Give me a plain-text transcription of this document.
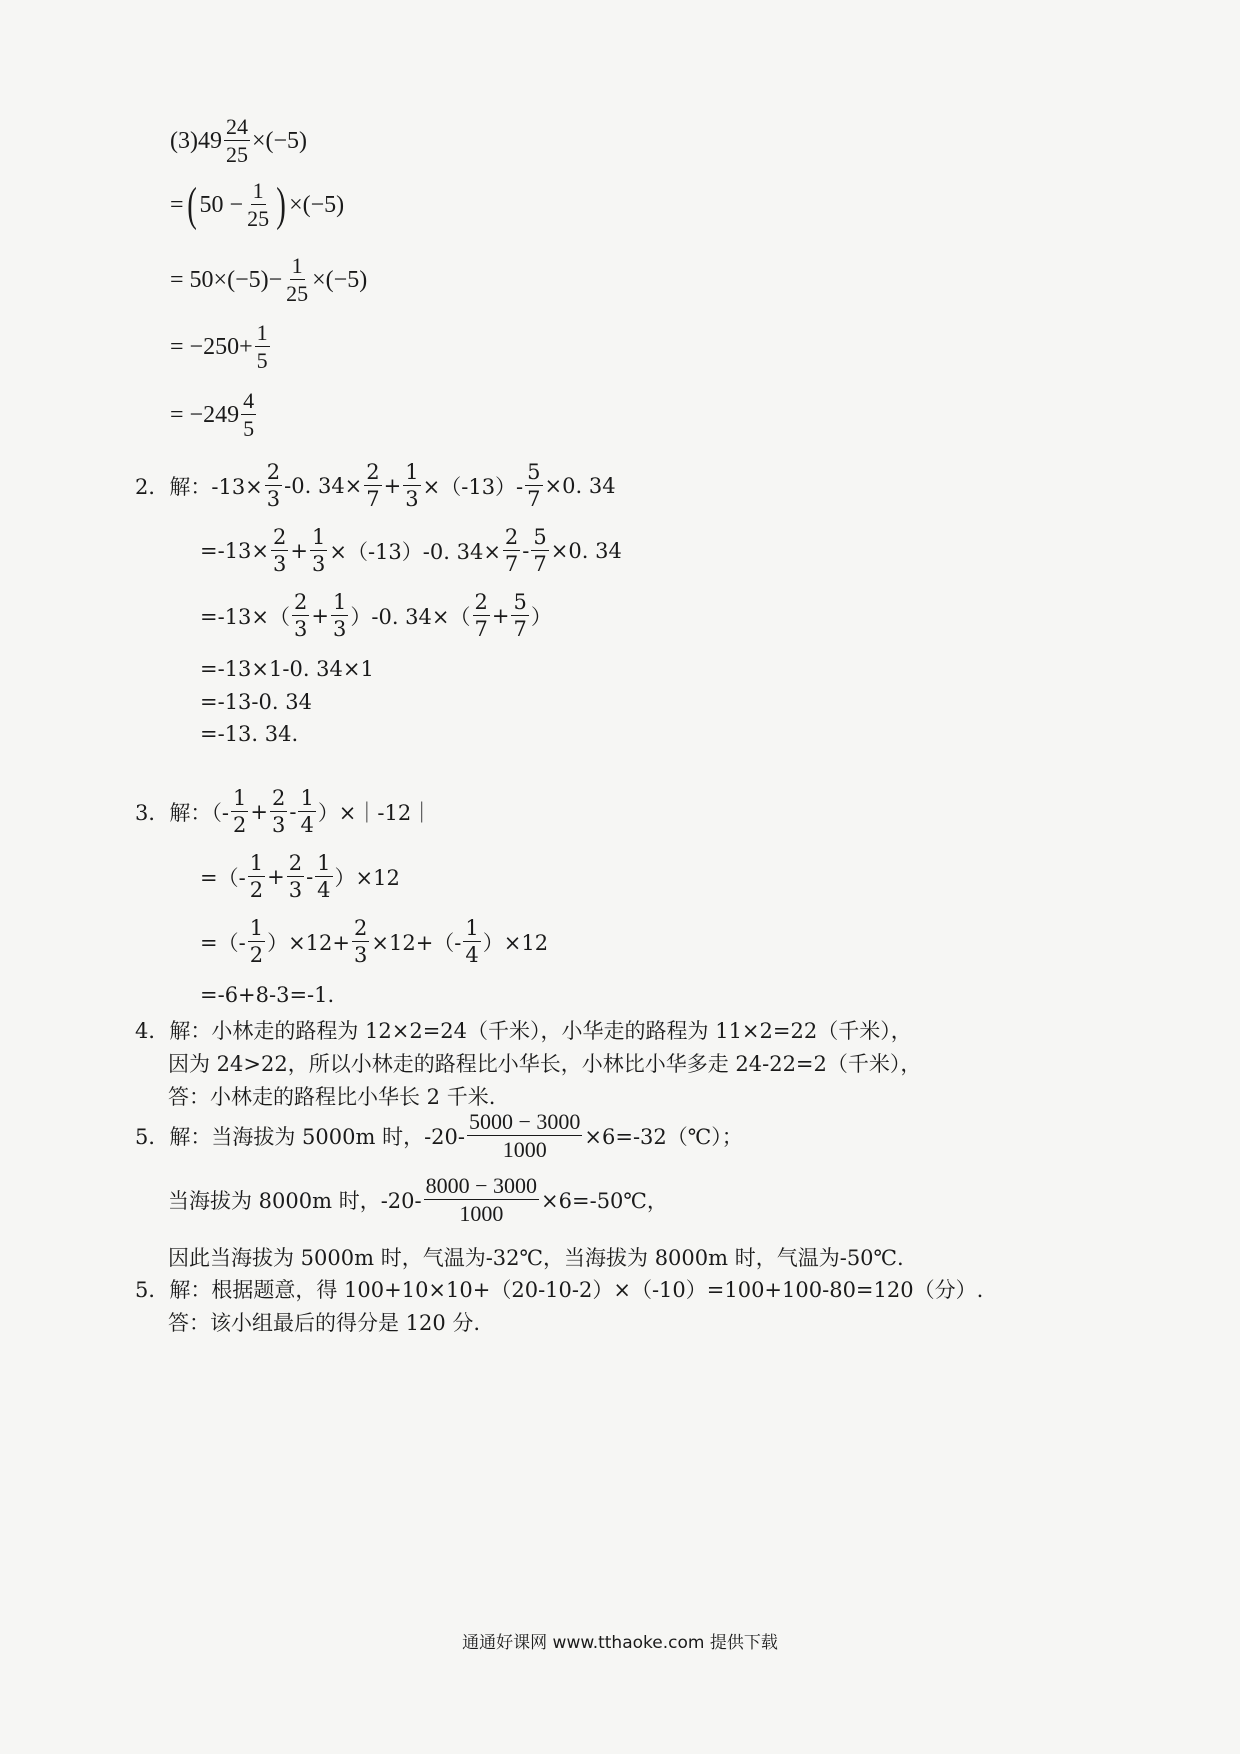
$(3)49 \frac{24}{25} \times(-5)$
= ( $50 - \frac{1}{25}$ ) ×(−5)
= $50\times(-5)- \frac{1}{25} \times(-5)$
= $-250+ \frac{1}{5}$
= $-249 \frac{4}{5}$
2．解：$-13\times \frac{2}{3} -0$. $34\times \frac{2}{7} + \frac{1}{3} \times(-13)- \frac{5}{7} \times 0$. 34
$=-13\times \frac{2}{3} + \frac{1}{3} \times(-13)-0$. $34\times \frac{2}{7} - \frac{5}{7} \times 0$. 34
$=-13\times( \frac{2}{3} + \frac{1}{3} )-0$. $34\times( \frac{2}{7} + \frac{5}{7}$ ）
=-13×1-0. 34×1
=-13-0. 34
=-13. 34.
3．解：（- $\frac{1}{2} + \frac{2}{3} - \frac{1}{4}$ ）×｜-12｜
=（- $\frac{1}{2} + \frac{2}{3} - \frac{1}{4} )\times 12$
=（- $\frac{1}{2} )\times 12+ \frac{2}{3} \times 12+(- \frac{1}{4} )\times 12$
=-6+8-3=-1.
4．解：小林走的路程为 12×2=24（千米），小华走的路程为 11×2=22（千米），
因为 24>22，所以小林走的路程比小华长，小林比小华多走 24-22=2（千米），
答：小林走的路程比小华长 2 千米.
5．解：当海拔为 5000m 时，$-20- \frac{5000 - 3000}{1000}$ ×6=-32（℃）；
当海拔为 8000m 时，$-20- \frac{8000 - 3000}{1000}$ ×6=-50℃，
因此当海拔为 5000m 时，气温为-32℃，当海拔为 8000m 时，气温为-50℃.
5．解：根据题意，得 100+10×10+（20-10-2）×（-10）=100+100-80=120（分）.
答：该小组最后的得分是 120 分.
通通好课网 www.tthaoke.com 提供下载
